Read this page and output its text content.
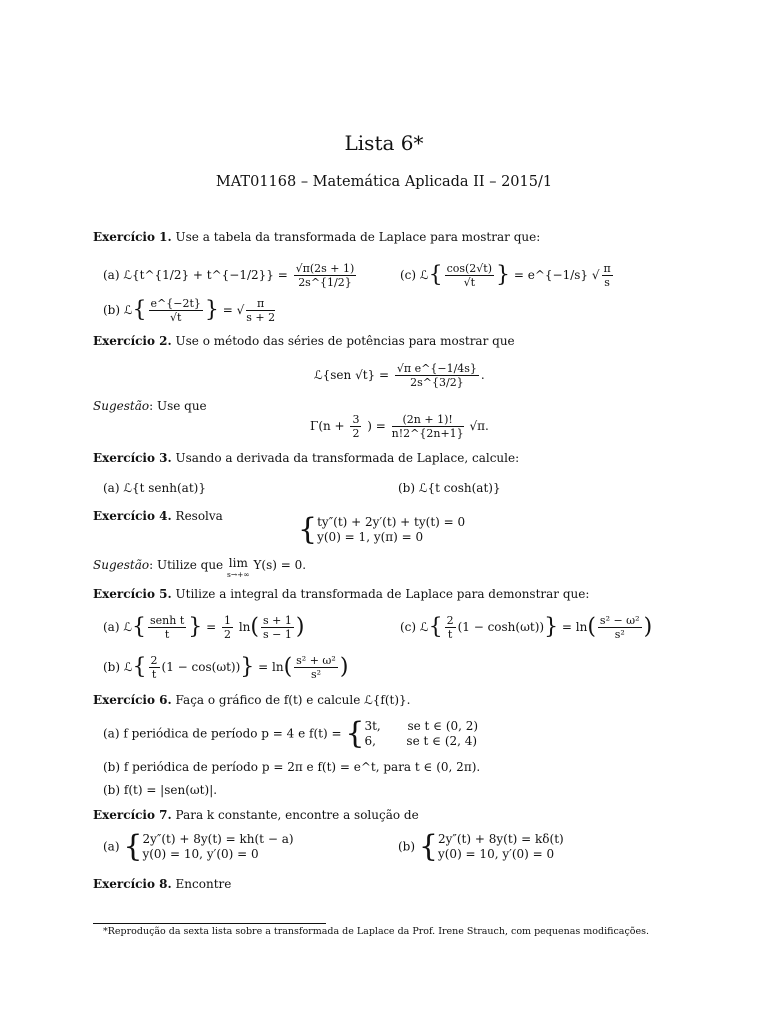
Lista 6*
MAT01168 – Matemática Aplicada II – 2015/1
Exercício 1. Use a tabela da transformada de Laplace para mostrar que:
(a) ℒ{t^{1/2} + t^{−1/2}} = $\frac{√\pi(2s + 1)}{2s\^{}\{1/2\}}$	(c) ℒ{ $\frac{\cos(2√t)}{√t}$ } = e^{−1/s} √ $\frac{\pi}{s}$
(b) ℒ{ $\frac{e\^{}\{-2t\}}{√t}$ } = √ $\frac{\pi}{s + 2}$
Exercício 2. Use o método das séries de potências para mostrar que
ℒ{sen $√t\} = \frac{\text{√π e\textasciicircum{}\{−1/4s\}}}{2s\^{}\{3/2\}}$ .
Sugestão: Use que
$\Gamma(n + \frac{3}{2}$ ) = $\frac{(2n + 1)!}{n!2\^{}\{2n+1\}} √\pi$.
Exercício 3. Usando a derivada da transformada de Laplace, calcule:
(a) ℒ{t senh(at)}	(b) ℒ{t cosh(at)}
Exercício 4. Resolva	{ ty″(t) + 2y′(t) + ty(t) = 0
y(0) = 1, y(π) = 0
Sugestão: Utilize que lim
s→+∞
Y(s) = 0.
Exercício 5. Utilize a integral da transformada de Laplace para demonstrar que:
(a) ℒ{ $\frac{\text{senh t}}{t}$ } = $\frac{1}{2} \ln( \frac{s + 1}{s - 1}$ )	(c) ℒ{ $\frac{2}{t} (1 - \cosh(\omega t))\} = \ln( \frac{\text{s² − ω²}}{\text{s²}}$ )
(b) ℒ{ $\frac{2}{t} (1 - \cos(\omega t))\} = \ln( \frac{\text{s² + ω²}}{\text{s²}}$ )
Exercício 6. Faça o gráfico de f(t) e calcule ℒ{f(t)}.
(a) f periódica de período p = 4 e f(t) = { 3t,       se t ∈ (0, 2)
6,        se t ∈ (2, 4)
(b) f periódica de período p = 2π e f(t) = e^t, para t ∈ (0, 2π).
(b) f(t) = |sen(ωt)|.
Exercício 7. Para k constante, encontre a solução de
(a) { 2y″(t) + 8y(t) = kh(t − a)
y(0) = 10, y′(0) = 0
(b) { 2y″(t) + 8y(t) = kδ(t)
y(0) = 10, y′(0) = 0
Exercício 8. Encontre
*Reprodução da sexta lista sobre a transformada de Laplace da Prof. Irene Strauch, com pequenas modificações.
